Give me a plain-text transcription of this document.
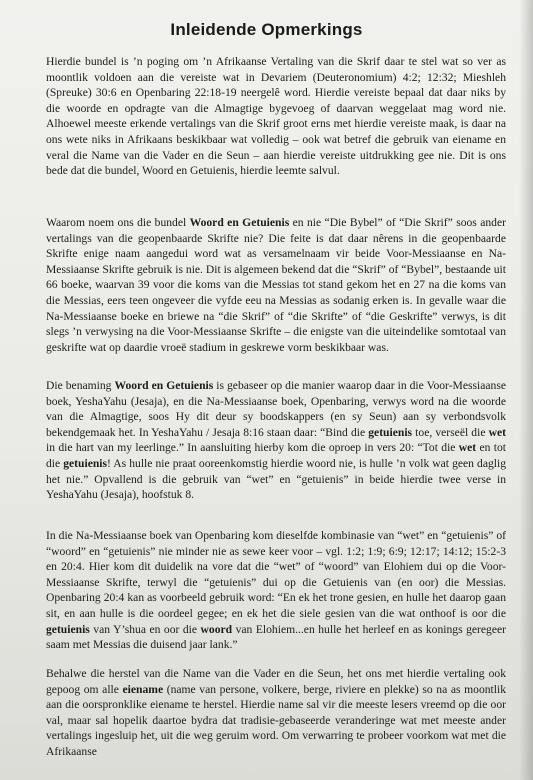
Inleidende Opmerkings
Hierdie bundel is ’n poging om ’n Afrikaanse Vertaling van die Skrif daar te stel wat so ver as moontlik voldoen aan die vereiste wat in Devariem (Deuteronomium) 4:2; 12:32; Mieshleh (Spreuke) 30:6 en Openbaring 22:18-19 neergelê word. Hierdie vereiste bepaal dat daar niks by die woorde en opdragte van die Almagtige bygevoeg of daarvan weggelaat mag word nie. Alhoewel meeste erkende vertalings van die Skrif groot erns met hierdie vereiste maak, is daar na ons wete niks in Afrikaans beskikbaar wat volledig – ook wat betref die gebruik van eiename en veral die Name van die Vader en die Seun – aan hierdie vereiste uitdrukking gee nie. Dit is ons bede dat die bundel, Woord en Getuienis, hierdie leemte salvul.
Waarom noem ons die bundel Woord en Getuienis en nie “Die Bybel” of “Die Skrif” soos ander vertalings van die geopenbaarde Skrifte nie? Die feite is dat daar nêrens in die geopenbaarde Skrifte enige naam aangedui word wat as versamelnaam vir beide Voor-Messiaanse en Na-Messiaanse Skrifte gebruik is nie. Dit is algemeen bekend dat die “Skrif” of “Bybel”, bestaande uit 66 boeke, waarvan 39 voor die koms van die Messias tot stand gekom het en 27 na die koms van die Messias, eers teen ongeveer die vyfde eeu na Messias as sodanig erken is. In gevalle waar die Na-Messiaanse boeke en briewe na “die Skrif” of “die Skrifte” of “die Geskrifte” verwys, is dit slegs ’n verwysing na die Voor-Messiaanse Skrifte – die enigste van die uiteindelike somtotaal van geskrifte wat op daardie vroeë stadium in geskrewe vorm beskikbaar was.
Die benaming Woord en Getuienis is gebaseer op die manier waarop daar in die Voor-Messiaanse boek, YeshaYahu (Jesaja), en die Na-Messiaanse boek, Openbaring, verwys word na die woorde van die Almagtige, soos Hy dit deur sy boodskappers (en sy Seun) aan sy verbondsvolk bekendgemaak het. In YeshaYahu / Jesaja 8:16 staan daar: “Bind die getuienis toe, verseël die wet in die hart van my leerlinge.” In aansluiting hierby kom die oproep in vers 20: “Tot die wet en tot die getuienis! As hulle nie praat ooreenkomstig hierdie woord nie, is hulle ’n volk wat geen daglig het nie.” Opvallend is die gebruik van “wet” en “getuienis” in beide hierdie twee verse in YeshaYahu (Jesaja), hoofstuk 8.
In die Na-Messiaanse boek van Openbaring kom dieselfde kombinasie van “wet” en “getuienis” of “woord” en “getuienis” nie minder nie as sewe keer voor – vgl. 1:2; 1:9; 6:9; 12:17; 14:12; 15:2-3 en 20:4. Hier kom dit duidelik na vore dat die “wet” of “woord” van Elohiem dui op die Voor-Messiaanse Skrifte, terwyl die “getuienis” dui op die Getuienis van (en oor) die Messias. Openbaring 20:4 kan as voorbeeld gebruik word: “En ek het trone gesien, en hulle het daarop gaan sit, en aan hulle is die oordeel gegee; en ek het die siele gesien van die wat onthoof is oor die getuienis van Y’shua en oor die woord van Elohiem...en hulle het herleef en as konings geregeer saam met Messias die duisend jaar lank.”
Behalwe die herstel van die Name van die Vader en die Seun, het ons met hierdie vertaling ook gepoog om alle eiename (name van persone, volkere, berge, riviere en plekke) so na as moontlik aan die oorspronklike eiename te herstel. Hierdie name sal vir die meeste lesers vreemd op die oor val, maar sal hopelik daartoe bydra dat tradisie-gebaseerde veranderinge wat met meeste ander vertalings ingesluip het, uit die weg geruim word. Om verwarring te probeer voorkom wat met die Afrikaanse
